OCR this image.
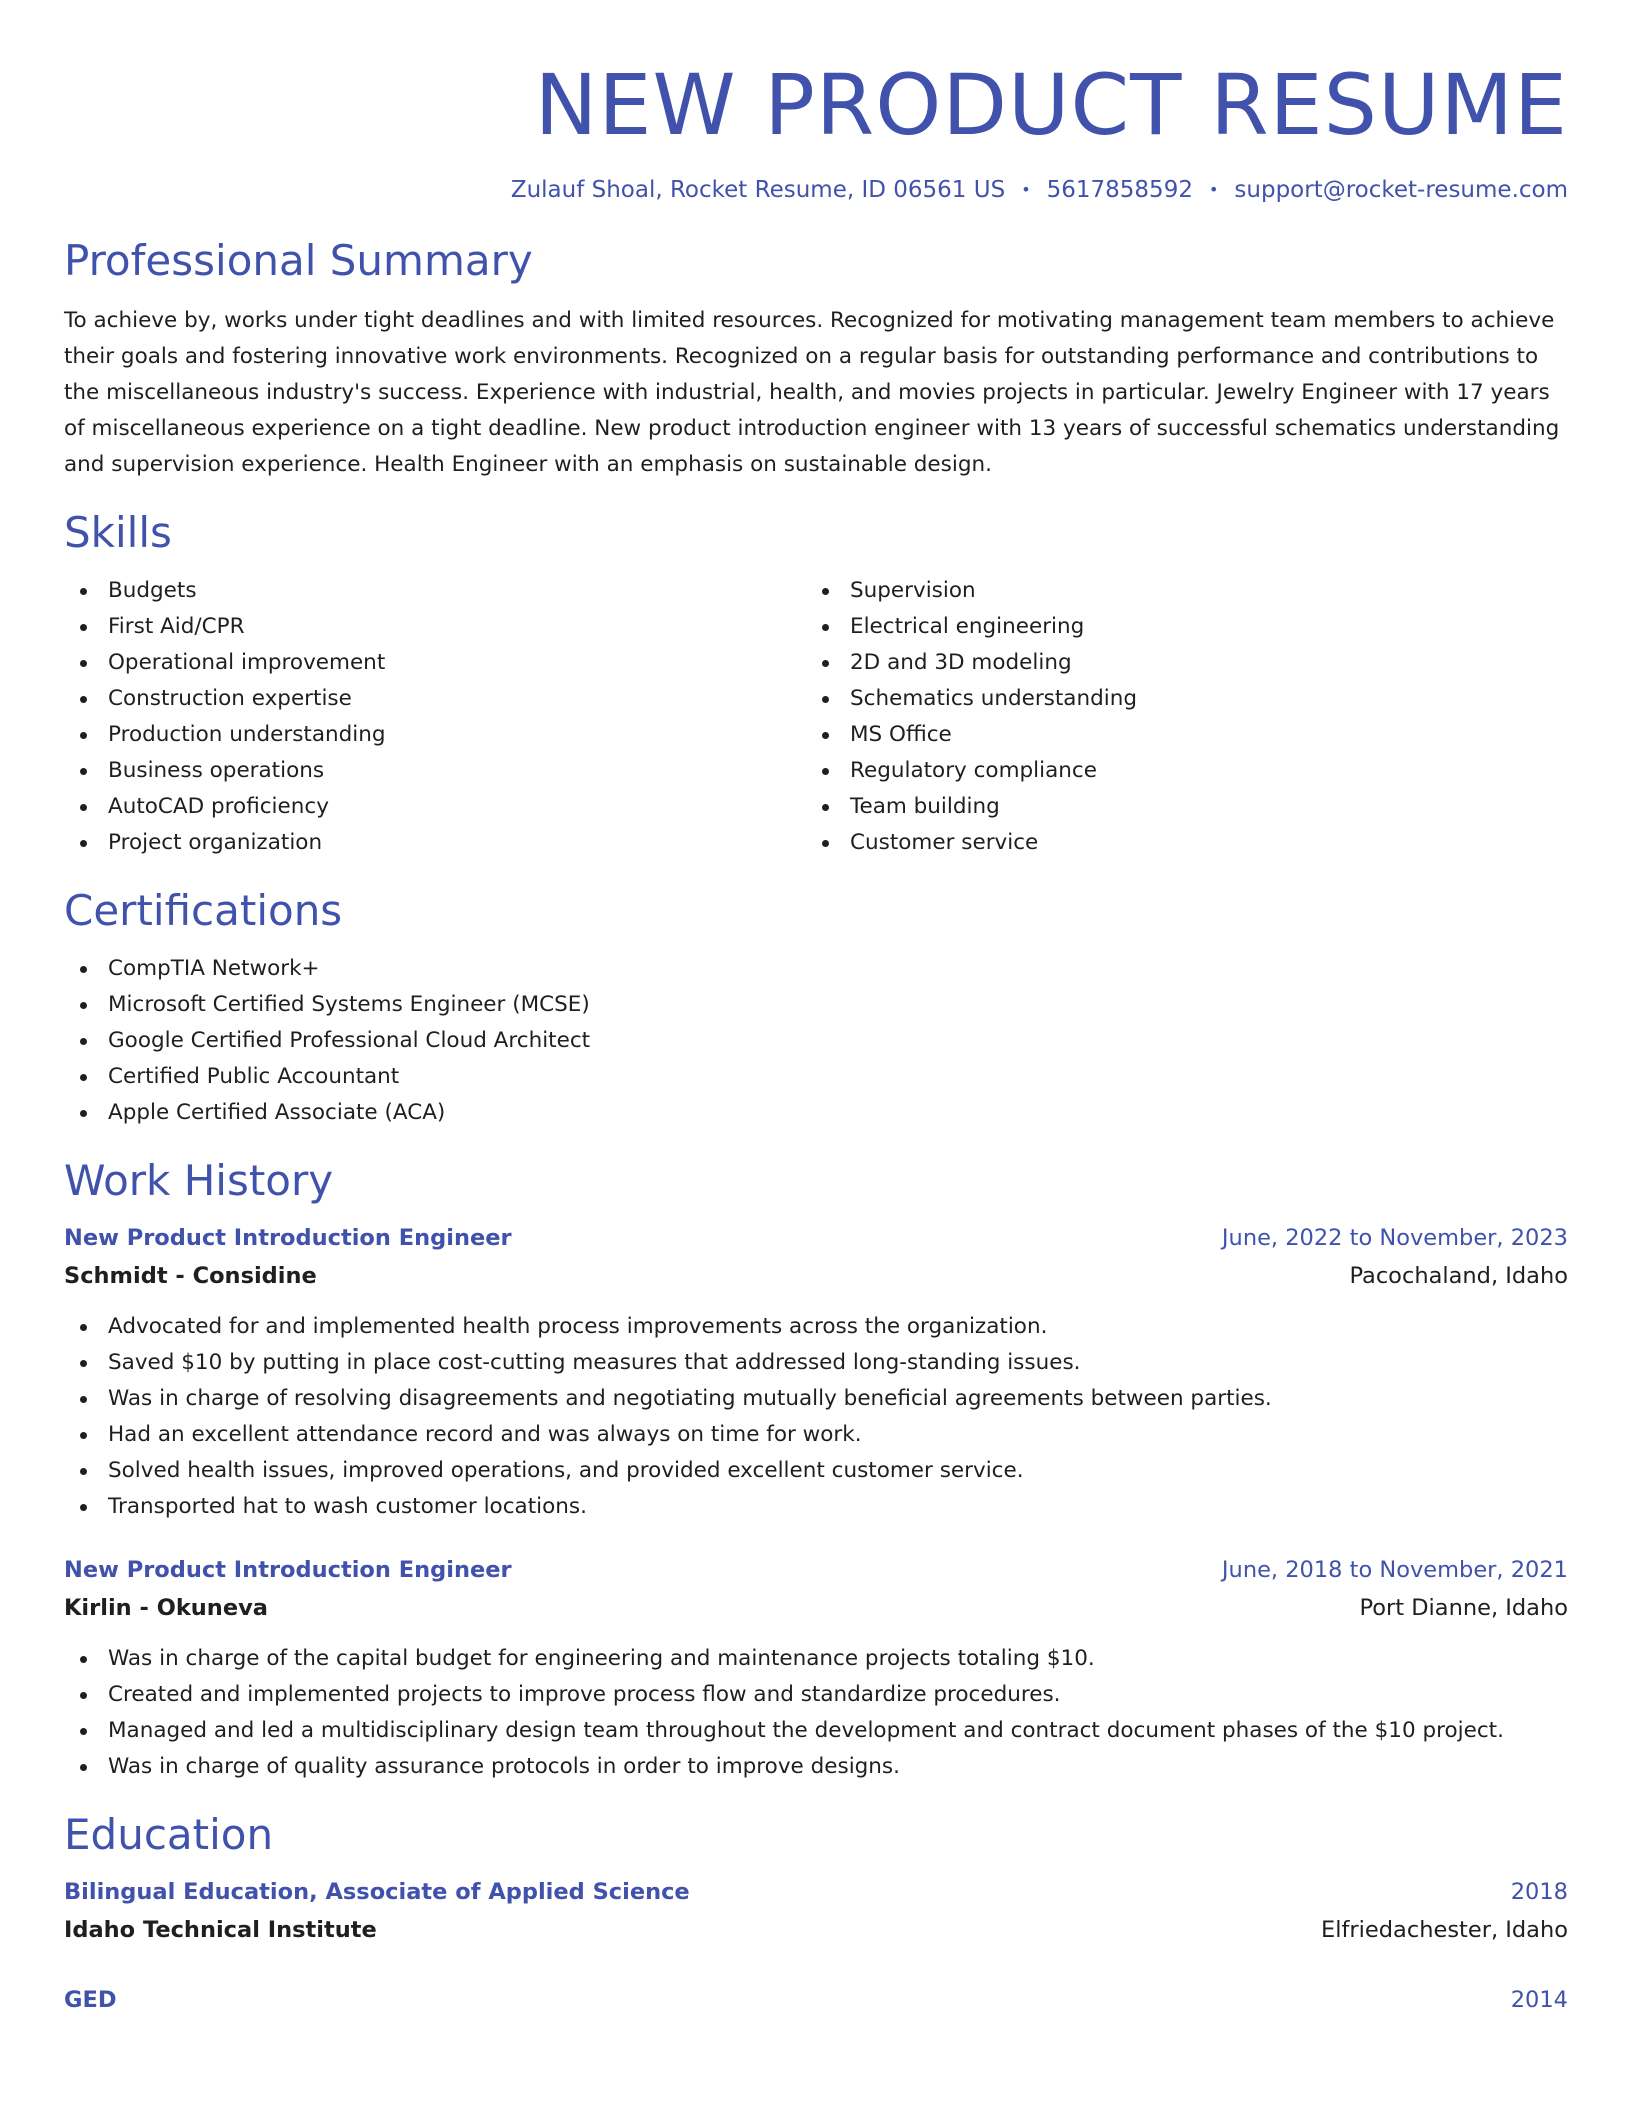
NEW PRODUCT RESUME
Zulauf Shoal, Rocket Resume, ID 06561 US • 5617858592 • support@rocket-resume.com
Professional Summary

To achieve by, works under tight deadlines and with limited resources. Recognized for motivating management team members to achieve their goals and fostering innovative work environments. Recognized on a regular basis for outstanding performance and contributions to the miscellaneous industry's success. Experience with industrial, health, and movies projects in particular. Jewelry Engineer with 17 years of miscellaneous experience on a tight deadline. New product introduction engineer with 13 years of successful schematics understanding and supervision experience. Health Engineer with an emphasis on sustainable design.

Skills
Budgets
First Aid/CPR
Operational improvement
Construction expertise
Production understanding
Business operations
AutoCAD proficiency
Project organization
Supervision
Electrical engineering
2D and 3D modeling
Schematics understanding
MS Office
Regulatory compliance
Team building
Customer service
Certifications
CompTIA Network+
Microsoft Certified Systems Engineer (MCSE)
Google Certified Professional Cloud Architect
Certified Public Accountant
Apple Certified Associate (ACA)
Work History
New Product Introduction Engineer	June, 2022 to November, 2023
Schmidt - Considine	Pacochaland, Idaho
Advocated for and implemented health process improvements across the organization.
Saved $10 by putting in place cost-cutting measures that addressed long-standing issues.
Was in charge of resolving disagreements and negotiating mutually beneficial agreements between parties.
Had an excellent attendance record and was always on time for work.
Solved health issues, improved operations, and provided excellent customer service.
Transported hat to wash customer locations.
New Product Introduction Engineer	June, 2018 to November, 2021
Kirlin - Okuneva	Port Dianne, Idaho
Was in charge of the capital budget for engineering and maintenance projects totaling $10.
Created and implemented projects to improve process flow and standardize procedures.
Managed and led a multidisciplinary design team throughout the development and contract document phases of the $10 project.
Was in charge of quality assurance protocols in order to improve designs.
Education
Bilingual Education, Associate of Applied Science	2018
Idaho Technical Institute	Elfriedachester, Idaho
GED	2014
